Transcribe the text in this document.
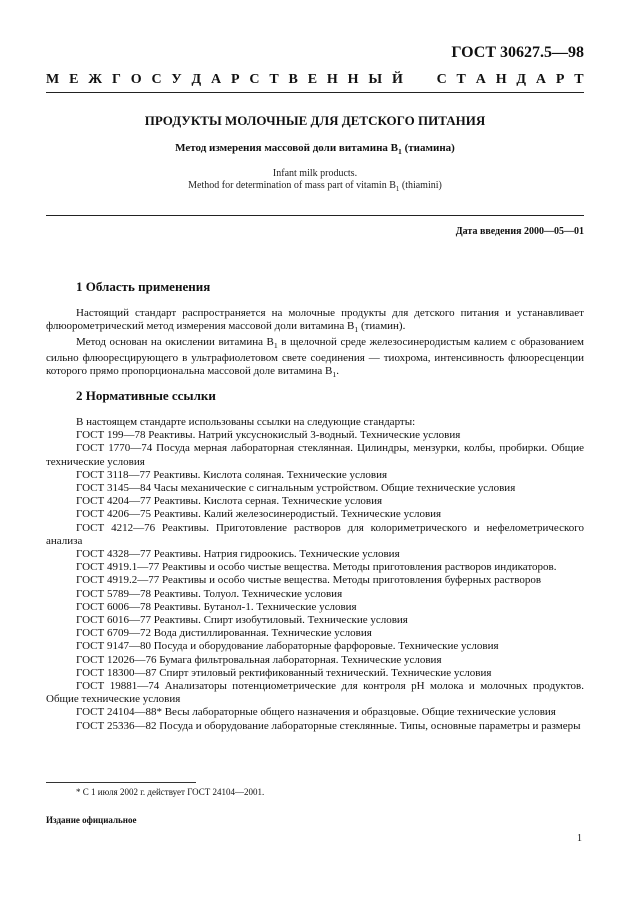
ГОСТ 30627.5—98
М Е Ж Г О С У Д А Р С Т В Е Н Н Ы Й С Т А Н Д А Р Т
ПРОДУКТЫ МОЛОЧНЫЕ ДЛЯ ДЕТСКОГО ПИТАНИЯ
Метод измерения массовой доли витамина $B_1$ (тиамина)
Infant milk products.
Method for determination of mass part of vitamin $B_1$ (thiamini)
Дата введения 2000—05—01
1 Область применения

Настоящий стандарт распространяется на молочные продукты для детского питания и устанавливает флюорометрический метод измерения массовой доли витамина $B_1$ (тиамин).

Метод основан на окислении витамина $B_1$ в щелочной среде железосинеродистым калием с образованием сильно флюоресцирующего в ультрафиолетовом свете соединения — тиохрома, интенсивность флюоресценции которого прямо пропорциональна массовой доле витамина $B_1$.

2 Нормативные ссылки
В настоящем стандарте использованы ссылки на следующие стандарты:
ГОСТ 199—78 Реактивы. Натрий уксуснокислый 3-водный. Технические условия
ГОСТ 1770—74 Посуда мерная лабораторная стеклянная. Цилиндры, мензурки, колбы, пробирки. Общие технические условия
ГОСТ 3118—77 Реактивы. Кислота соляная. Технические условия
ГОСТ 3145—84 Часы механические с сигнальным устройством. Общие технические условия
ГОСТ 4204—77 Реактивы. Кислота серная. Технические условия
ГОСТ 4206—75 Реактивы. Калий железосинеродистый. Технические условия
ГОСТ 4212—76 Реактивы. Приготовление растворов для колориметрического и нефелометрического анализа
ГОСТ 4328—77 Реактивы. Натрия гидроокись. Технические условия
ГОСТ 4919.1—77 Реактивы и особо чистые вещества. Методы приготовления растворов индикаторов.
ГОСТ 4919.2—77 Реактивы и особо чистые вещества. Методы приготовления буферных растворов
ГОСТ 5789—78 Реактивы. Толуол. Технические условия
ГОСТ 6006—78 Реактивы. Бутанол-1. Технические условия
ГОСТ 6016—77 Реактивы. Спирт изобутиловый. Технические условия
ГОСТ 6709—72 Вода дистиллированная. Технические условия
ГОСТ 9147—80 Посуда и оборудование лабораторные фарфоровые. Технические условия
ГОСТ 12026—76 Бумага фильтровальная лабораторная. Технические условия
ГОСТ 18300—87 Спирт этиловый ректификованный технический. Технические условия
ГОСТ 19881—74 Анализаторы потенциометрические для контроля pH молока и молочных продуктов. Общие технические условия
ГОСТ 24104—88* Весы лабораторные общего назначения и образцовые. Общие технические условия
ГОСТ 25336—82 Посуда и оборудование лабораторные стеклянные. Типы, основные параметры и размеры
* С 1 июля 2002 г. действует ГОСТ 24104—2001.
Издание официальное
1
